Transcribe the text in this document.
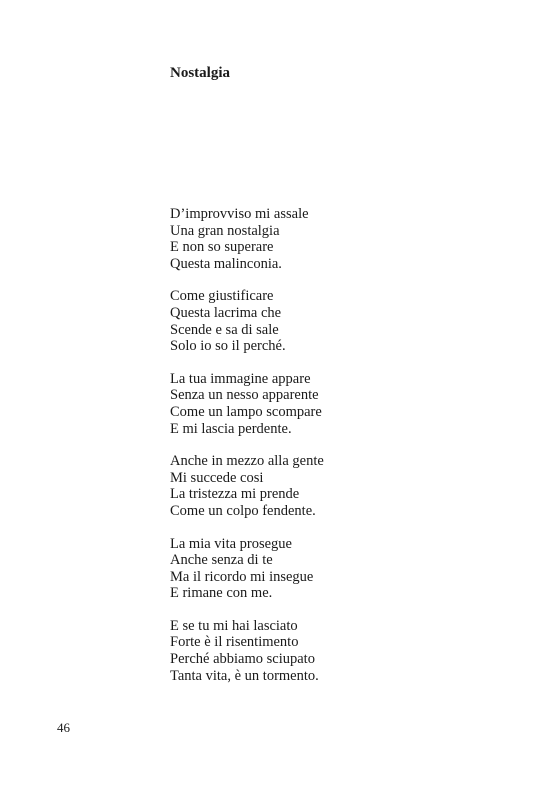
Nostalgia
D’improvviso mi assale
Una gran nostalgia
E non so superare
Questa malinconia.
Come giustificare
Questa lacrima che
Scende e sa di sale
Solo io so il perché.
La tua immagine appare
Senza un nesso apparente
Come un lampo scompare
E mi lascia perdente.
Anche in mezzo alla gente
Mi succede cosi
La tristezza mi prende
Come un colpo fendente.
La mia vita prosegue
Anche senza di te
Ma il ricordo mi insegue
E rimane con me.
E se tu mi hai lasciato
Forte è il risentimento
Perché abbiamo sciupato
Tanta vita, è un tormento.
46
